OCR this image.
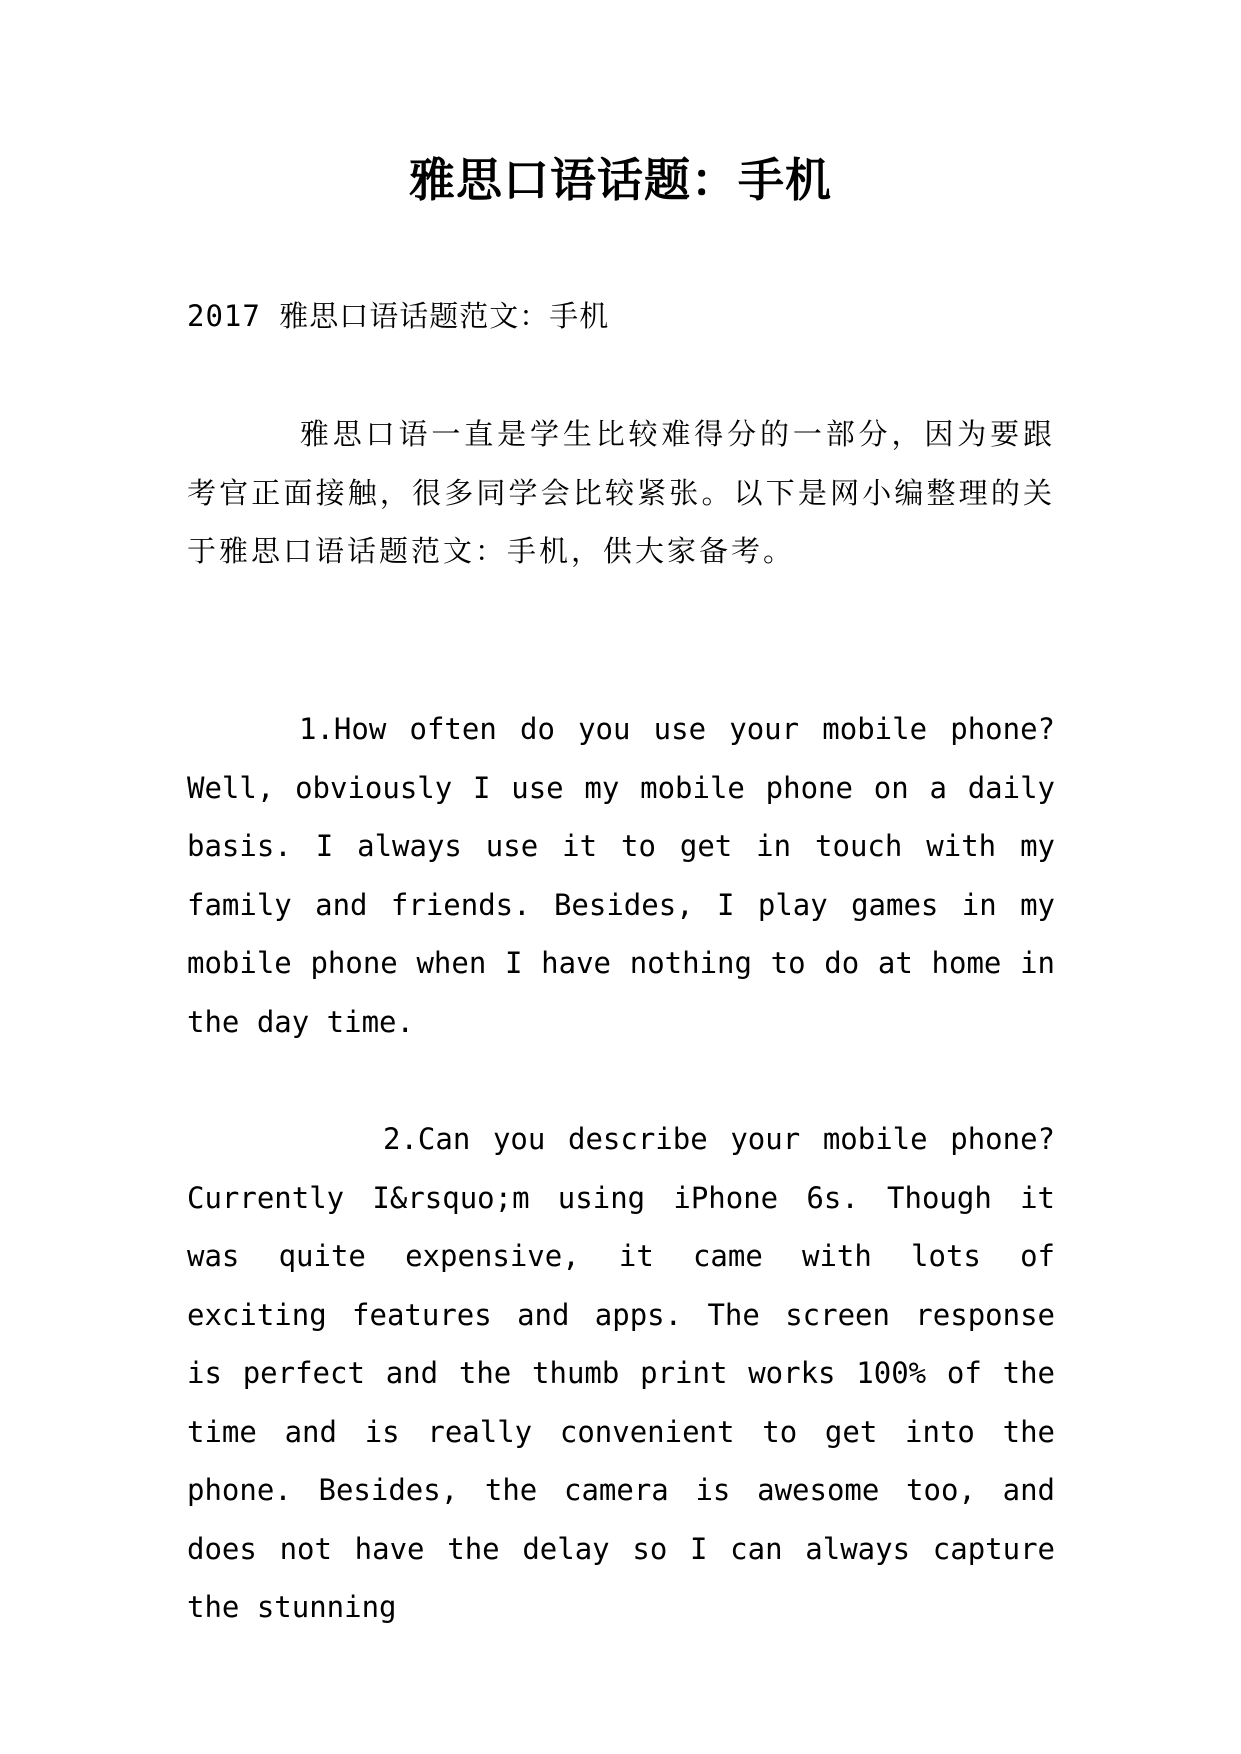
雅思口语话题：手机
2017 雅思口语话题范文：手机

雅思口语一直是学生比较难得分的一部分，因为要跟考官正面接触，很多同学会比较紧张。以下是网小编整理的关于雅思口语话题范文：手机，供大家备考。

1.How often do you use your mobile phone?Well, obviously I use my mobile phone on a daily basis. I always use it to get in touch with my family and friends. Besides, I play games in my mobile phone when I have nothing to do at home in the day time.

2.Can you describe your mobile phone?Currently I&rsquo;m using iPhone 6s. Though it was quite expensive, it came with lots of exciting features and apps. The screen response is perfect and the thumb print works 100% of the time and is really convenient to get into the phone. Besides, the camera is awesome too, and does not have the delay so I can always capture the stunning
